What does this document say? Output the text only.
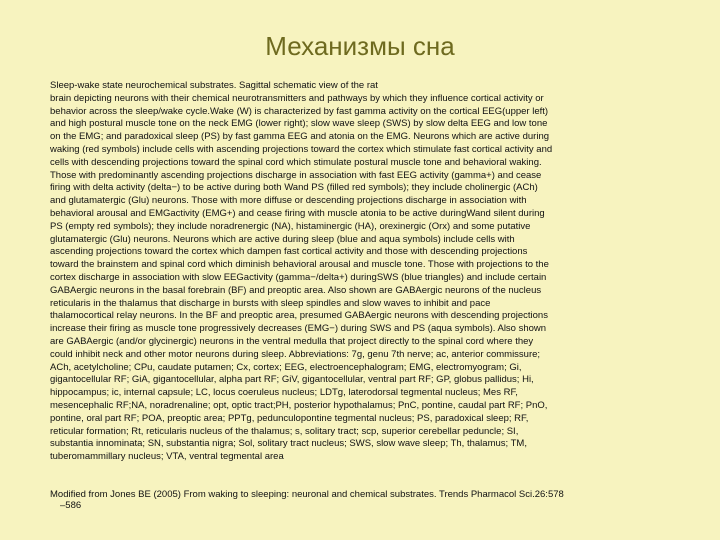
Механизмы сна
Sleep-wake state neurochemical substrates. Sagittal schematic view of the rat
brain depicting neurons with their chemical neurotransmitters and pathways by which they influence cortical activity or
behavior across the sleep/wake cycle.Wake (W) is characterized by fast gamma activity on the cortical EEG(upper left)
and high postural muscle tone on the neck EMG (lower right); slow wave sleep (SWS) by slow delta EEG and low tone
on the EMG; and paradoxical sleep (PS) by fast gamma EEG and atonia on the EMG. Neurons which are active during
waking (red symbols) include cells with ascending projections toward the cortex which stimulate fast cortical activity and
cells with descending projections toward the spinal cord which stimulate postural muscle tone and behavioral waking.
Those with predominantly ascending projections discharge in association with fast EEG activity (gamma+) and cease
firing with delta activity (delta−) to be active during both Wand PS (filled red symbols); they include cholinergic (ACh)
and glutamatergic (Glu) neurons. Those with more diffuse or descending projections discharge in association with
behavioral arousal and EMGactivity (EMG+) and cease firing with muscle atonia to be active duringWand silent during
PS (empty red symbols); they include noradrenergic (NA), histaminergic (HA), orexinergic (Orx) and some putative
glutamatergic (Glu) neurons. Neurons which are active during sleep (blue and aqua symbols) include cells with
ascending projections toward the cortex which dampen fast cortical activity and those with descending projections
toward the brainstem and spinal cord which diminish behavioral arousal and muscle tone. Those with projections to the
cortex discharge in association with slow EEGactivity (gamma−/delta+) duringSWS (blue triangles) and include certain
GABAergic neurons in the basal forebrain (BF) and preoptic area. Also shown are GABAergic neurons of the nucleus
reticularis in the thalamus that discharge in bursts with sleep spindles and slow waves to inhibit and pace
thalamocortical relay neurons. In the BF and preoptic area, presumed GABAergic neurons with descending projections
increase their firing as muscle tone progressively decreases (EMG−) during SWS and PS (aqua symbols). Also shown
are GABAergic (and/or glycinergic) neurons in the ventral medulla that project directly to the spinal cord where they
could inhibit neck and other motor neurons during sleep. Abbreviations: 7g, genu 7th nerve; ac, anterior commissure;
ACh, acetylcholine; CPu, caudate putamen; Cx, cortex; EEG, electroencephalogram; EMG, electromyogram; Gi,
gigantocellular RF; GiA, gigantocellular, alpha part RF; GiV, gigantocellular, ventral part RF; GP, globus pallidus; Hi,
hippocampus; ic, internal capsule; LC, locus coeruleus nucleus; LDTg, laterodorsal tegmental nucleus; Mes RF,
mesencephalic RF;NA, noradrenaline; opt, optic tract;PH, posterior hypothalamus; PnC, pontine, caudal part RF; PnO,
pontine, oral part RF; POA, preoptic area; PPTg, pedunculopontine tegmental nucleus; PS, paradoxical sleep; RF,
reticular formation; Rt, reticularis nucleus of the thalamus; s, solitary tract; scp, superior cerebellar peduncle; SI,
substantia innominata; SN, substantia nigra; Sol, solitary tract nucleus; SWS, slow wave sleep; Th, thalamus; TM,
tuberomammillary nucleus; VTA, ventral tegmental area
Modified from Jones BE (2005) From waking to sleeping: neuronal and chemical substrates. Trends Pharmacol Sci.26:578
–586
